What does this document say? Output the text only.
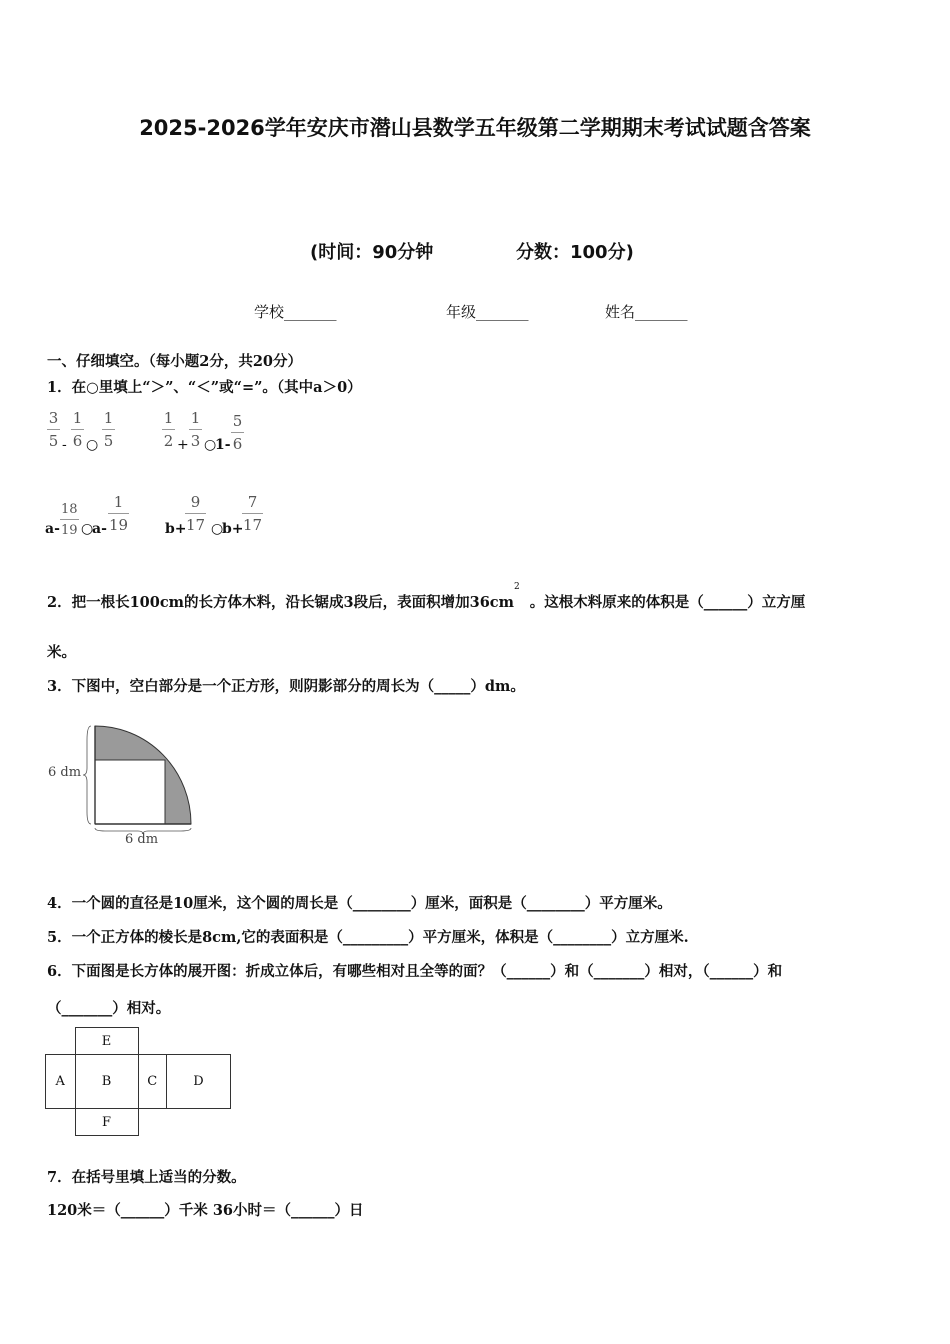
2025-2026学年安庆市潜山县数学五年级第二学期期末考试试题含答案
(时间：90分钟	分数：100分)
学校_______	年级_______	姓名_______
一、仔细填空。（每小题2分，共20分）
1．在○里填上“＞”、“＜”或“=”。（其中a＞0）
$\frac{3}{5} - \frac{1}{6}$ ○ $\frac{1}{5}$	$\frac{1}{2} + \frac{1}{3}$ ○
$1- \frac{5}{6}$
$a- \frac{18}{19}$ ○
$a- \frac{1}{19}$	b+
$\frac{9}{17}$ ○
b+
$\frac{7}{17}$
2．把一根长100cm的长方体木料，沿长锯成3段后，表面积增加$36cm^2$。这根木料原来的体积是（______）立方厘
米。
3．下图中，空白部分是一个正方形，则阴影部分的周长为（_____）dm。
6 dm
6 dm
4．一个圆的直径是10厘米，这个圆的周长是（________）厘米，面积是（________）平方厘米。
5．一个正方体的棱长是8cm,它的表面积是（_________）平方厘米，体积是（________）立方厘米.
6．下面图是长方体的展开图：折成立体后，有哪些相对且全等的面？（______）和（_______）相对，（______）和
（_______）相对。
	E		
A	B	C	D
	F		
7．在括号里填上适当的分数。
120米＝（______）千米 36小时＝（______）日
